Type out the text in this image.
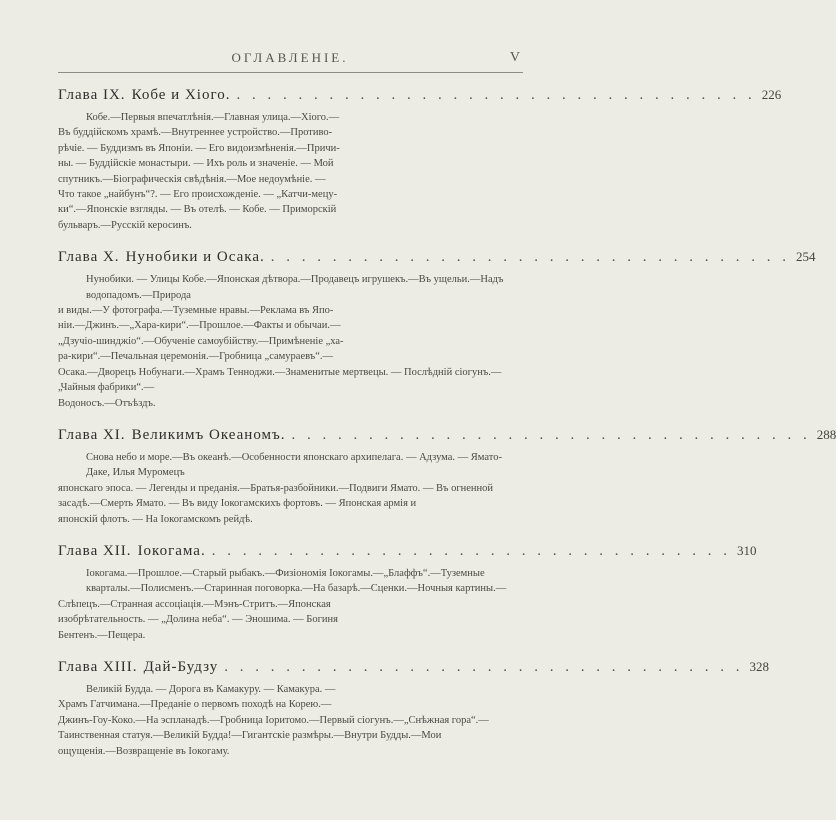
ОГЛАВЛЕНІЕ.	V
Глава IX. Кобе и Хіого. . . . . . . . . . . . . . . . . . . . . . . . . . . . . . . . . . . 226
Кобе.—Первыя впечатлѣнія.—Главная улица.—Хіого.—
Въ буддійскомъ храмѣ.—Внутреннее устройство.—Противо-
рѣчіе. — Буддизмъ въ Японіи. — Его видоизмѣненія.—Причи-
ны. — Буддійскіе монастыри. — Ихъ роль и значеніе. — Мой
спутникъ.—Біографическія свѣдѣнія.—Мое недоумѣніе. —
Что такое „найбунъ“?. — Его происхожденіе. — „Катчи-мецу-
ки“.—Японскіе взгляды. — Въ отелѣ. — Кобе. — Приморскій
бульваръ.—Русскій керосинъ.
Глава X. Нунобики и Осака. . . . . . . . . . . . . . . . . . . . . . . . . . . . . . . . . . . 254
Нунобики. — Улицы Кобе.—Японская дѣтвора.—Продавецъ игрушекъ.—Въ ущельи.—Надъ водопадомъ.—Природа
и виды.—У фотографа.—Туземные нравы.—Реклама въ Япо-
ніи.—Джинъ.—„Хара-кири“.—Прошлое.—Факты и обычаи.—
„Дзучіо-шинджіо“.—Обученіе самоубійству.—Примѣненіе „ха-
ра-кири“.—Печальная церемонія.—Гробница „самураевъ“.—
Осака.—Дворецъ Нобунаги.—Храмъ Тенноджи.—Знаменитые мертвецы. — Послѣдній сіогунъ.—„Чайныя фабрики“.—
Водоносъ.—Отъѣздъ.
Глава XI. Великимъ Океаномъ. . . . . . . . . . . . . . . . . . . . . . . . . . . . . . . . . . . 288
Снова небо и море.—Въ океанѣ.—Особенности японскаго архипелага. — Адзума. — Ямато-Даке, Илья Муромецъ
японскаго эпоса. — Легенды и преданія.—Братья-разбойники.—Подвиги Ямато. — Въ огненной засадѣ.—Смерть Ямато. — Въ виду Іокогамскихъ фортовъ. — Японская армія и
японскій флотъ. — На Іокогамскомъ рейдѣ.
Глава XII. Іокогама. . . . . . . . . . . . . . . . . . . . . . . . . . . . . . . . . . . 310
Іокогама.—Прошлое.—Старый рыбакъ.—Физіономія Іокогамы.—„Блаффъ“.—Туземные кварталы.—Полисменъ.—Старинная поговорка.—На базарѣ.—Сценки.—Ночныя картины.—
Слѣпецъ.—Странная ассоціація.—Мэнъ-Стритъ.—Японская
изобрѣтательность. — „Долина неба“. — Эношима. — Богиня
Бентенъ.—Пещера.
Глава XIII. Дай-Будзу . . . . . . . . . . . . . . . . . . . . . . . . . . . . . . . . . . 328
Великій Будда. — Дорога въ Камакуру. — Камакура. —
Храмъ Гатчимана.—Преданіе о первомъ походѣ на Корею.—
Джинъ-Гоу-Коко.—На эспланадѣ.—Гробница Іоритомо.—Первый сіогунъ.—„Снѣжная гора“.—Таинственная статуя.—Великій Будда!—Гигантскіе размѣры.—Внутри Будды.—Мои
ощущенія.—Возвращеніе въ Іокогаму.
